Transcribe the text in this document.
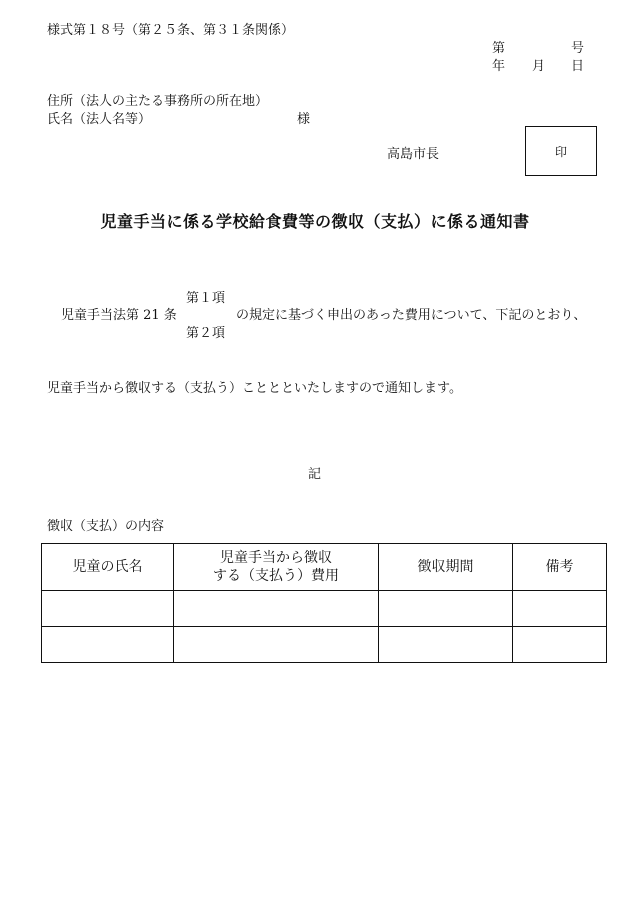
様式第１８号（第２５条、第３１条関係）
第	号
年 月 日
住所（法人の主たる事務所の所在地）
氏名（法人名等）	様
高島市長	印
児童手当に係る学校給食費等の徴収（支払）に係る通知書
児童手当法第 21 条
第１項
第２項
の規定に基づく申出のあった費用について、下記のとおり、
児童手当から徴収する（支払う）こととといたしますので通知します。
記
徴収（支払）の内容
児童の氏名	児童手当から徴収
する（支払う）費用	徴収期間	備考
